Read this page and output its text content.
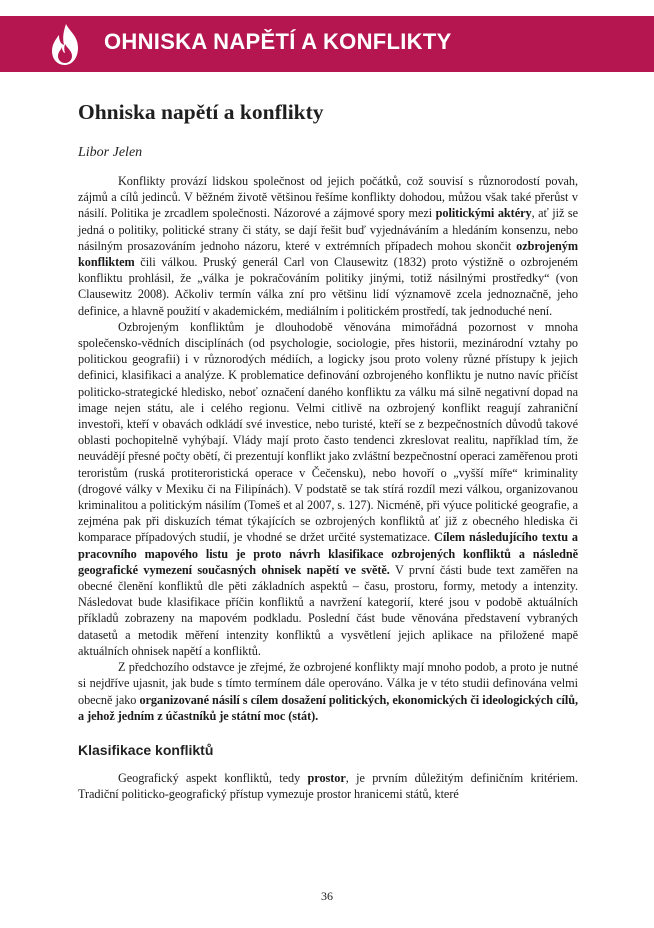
OHNISKA NAPĚTÍ A KONFLIKTY
Ohniska napětí a konflikty
Libor Jelen

Konflikty provází lidskou společnost od jejich počátků, což souvisí s různorodostí povah, zájmů a cílů jedinců. V běžném životě většinou řešíme konflikty dohodou, můžou však také přerůst v násilí. Politika je zrcadlem společnosti. Názorové a zájmové spory mezi politickými aktéry, ať již se jedná o politiky, politické strany či státy, se dají řešit buď vyjednáváním a hledáním konsenzu, nebo násilným prosazováním jednoho názoru, které v extrémních případech mohou skončit ozbrojeným konfliktem čili válkou. Pruský generál Carl von Clausewitz (1832) proto výstižně o ozbrojeném konfliktu prohlásil, že „válka je pokračováním politiky jinými, totiž násilnými prostředky“ (von Clausewitz 2008). Ačkoliv termín válka zní pro většinu lidí významově zcela jednoznačně, jeho definice, a hlavně použití v akademickém, mediálním i politickém prostředí, tak jednoduché není.

Ozbrojeným konfliktům je dlouhodobě věnována mimořádná pozornost v mnoha společensko-vědních disciplínách (od psychologie, sociologie, přes historii, mezinárodní vztahy po politickou geografii) i v různorodých médiích, a logicky jsou proto voleny různé přístupy k jejich definici, klasifikaci a analýze. K problematice definování ozbrojeného konfliktu je nutno navíc přičíst politicko-strategické hledisko, neboť označení daného konfliktu za válku má silně negativní dopad na image nejen státu, ale i celého regionu. Velmi citlivě na ozbrojený konflikt reagují zahraniční investoři, kteří v obavách odkládí své investice, nebo turisté, kteří se z bezpečnostních důvodů takové oblasti pochopitelně vyhýbají. Vlády mají proto často tendenci zkreslovat realitu, například tím, že neuvádějí přesné počty obětí, či prezentují konflikt jako zvláštní bezpečnostní operaci zaměřenou proti teroristům (ruská protiteroristická operace v Čečensku), nebo hovoří o „vyšší míře“ kriminality (drogové války v Mexiku či na Filipínách). V podstatě se tak stírá rozdíl mezi válkou, organizovanou kriminalitou a politickým násilím (Tomeš et al 2007, s. 127). Nicméně, při výuce politické geografie, a zejména pak při diskuzích témat týkajících se ozbrojených konfliktů ať již z obecného hlediska či komparace případových studií, je vhodné se držet určité systematizace. Cílem následujícího textu a pracovního mapového listu je proto návrh klasifikace ozbrojených konfliktů a následně geografické vymezení současných ohnisek napětí ve světě. V první části bude text zaměřen na obecné členění konfliktů dle pěti základních aspektů – času, prostoru, formy, metody a intenzity. Následovat bude klasifikace příčin konfliktů a navržení kategorií, které jsou v podobě aktuálních příkladů zobrazeny na mapovém podkladu. Poslední část bude věnována představení vybraných datasetů a metodik měření intenzity konfliktů a vysvětlení jejich aplikace na přiložené mapě aktuálních ohnisek napětí a konfliktů.

Z předchozího odstavce je zřejmé, že ozbrojené konflikty mají mnoho podob, a proto je nutné si nejdříve ujasnit, jak bude s tímto termínem dále operováno. Válka je v této studii definována velmi obecně jako organizované násilí s cílem dosažení politických, ekonomických či ideologických cílů, a jehož jedním z účastníků je státní moc (stát).

Klasifikace konfliktů

Geografický aspekt konfliktů, tedy prostor, je prvním důležitým definičním kritériem. Tradiční politicko-geografický přístup vymezuje prostor hranicemi států, které

36
